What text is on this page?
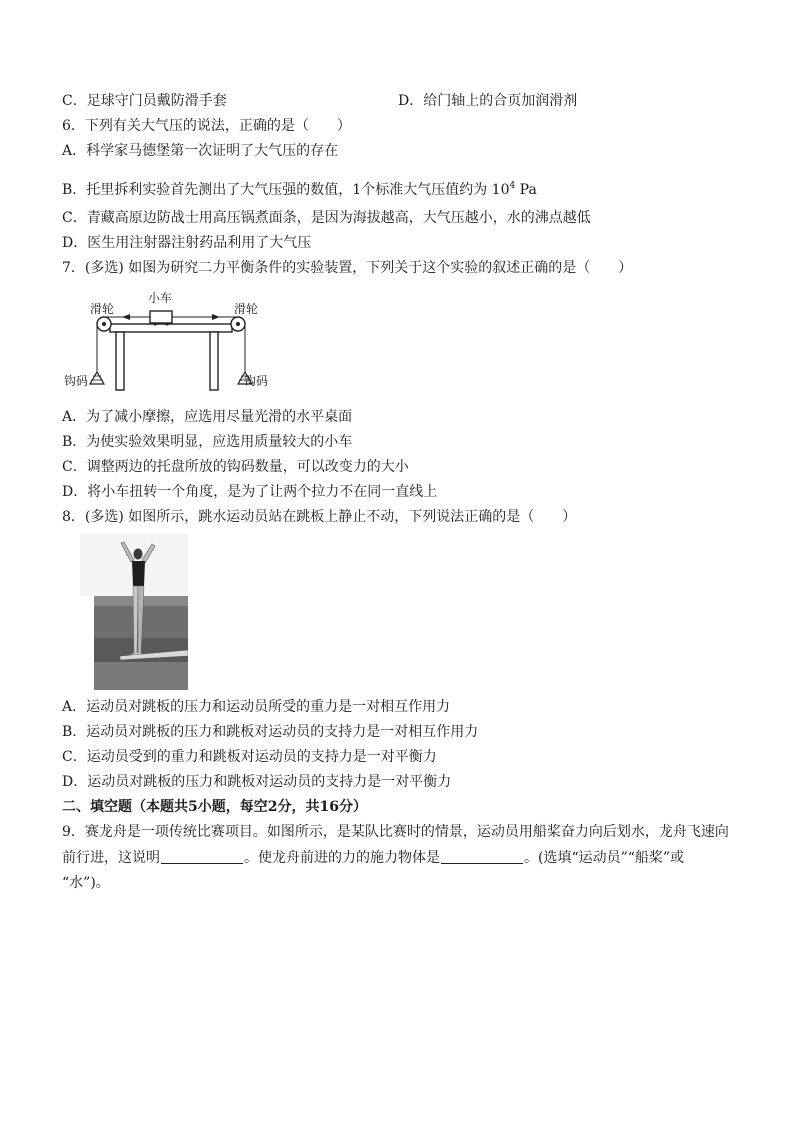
C．足球守门员戴防滑手套	D．给门轴上的合页加润滑剂
6．下列有关大气压的说法，正确的是（　　）
A．科学家马德堡第一次证明了大气压的存在
B．托里拆利实验首先测出了大气压强的数值，1个标准大气压值约为 $10^4$ Pa
C．青藏高原边防战士用高压锅煮面条，是因为海拔越高，大气压越小，水的沸点越低
D．医生用注射器注射药品利用了大气压
7．(多选) 如图为研究二力平衡条件的实验装置，下列关于这个实验的叙述正确的是（　　）
滑轮	滑轮
小车
钩码	钩码
A．为了减小摩擦，应选用尽量光滑的水平桌面
B．为使实验效果明显，应选用质量较大的小车
C．调整两边的托盘所放的钩码数量，可以改变力的大小
D．将小车扭转一个角度，是为了让两个拉力不在同一直线上
8．(多选) 如图所示，跳水运动员站在跳板上静止不动，下列说法正确的是（　　）
A．运动员对跳板的压力和运动员所受的重力是一对相互作用力
B．运动员对跳板的压力和跳板对运动员的支持力是一对相互作用力
C．运动员受到的重力和跳板对运动员的支持力是一对平衡力
D．运动员对跳板的压力和跳板对运动员的支持力是一对平衡力
二、填空题（本题共5小题，每空2分，共16分）
9．赛龙舟是一项传统比赛项目。如图所示，是某队比赛时的情景，运动员用船桨奋力向后划水，龙舟飞速向
前行进，这说明	。使龙舟前进的力的施力物体是	。(选填“运动员”“船桨”或
“水”)。
